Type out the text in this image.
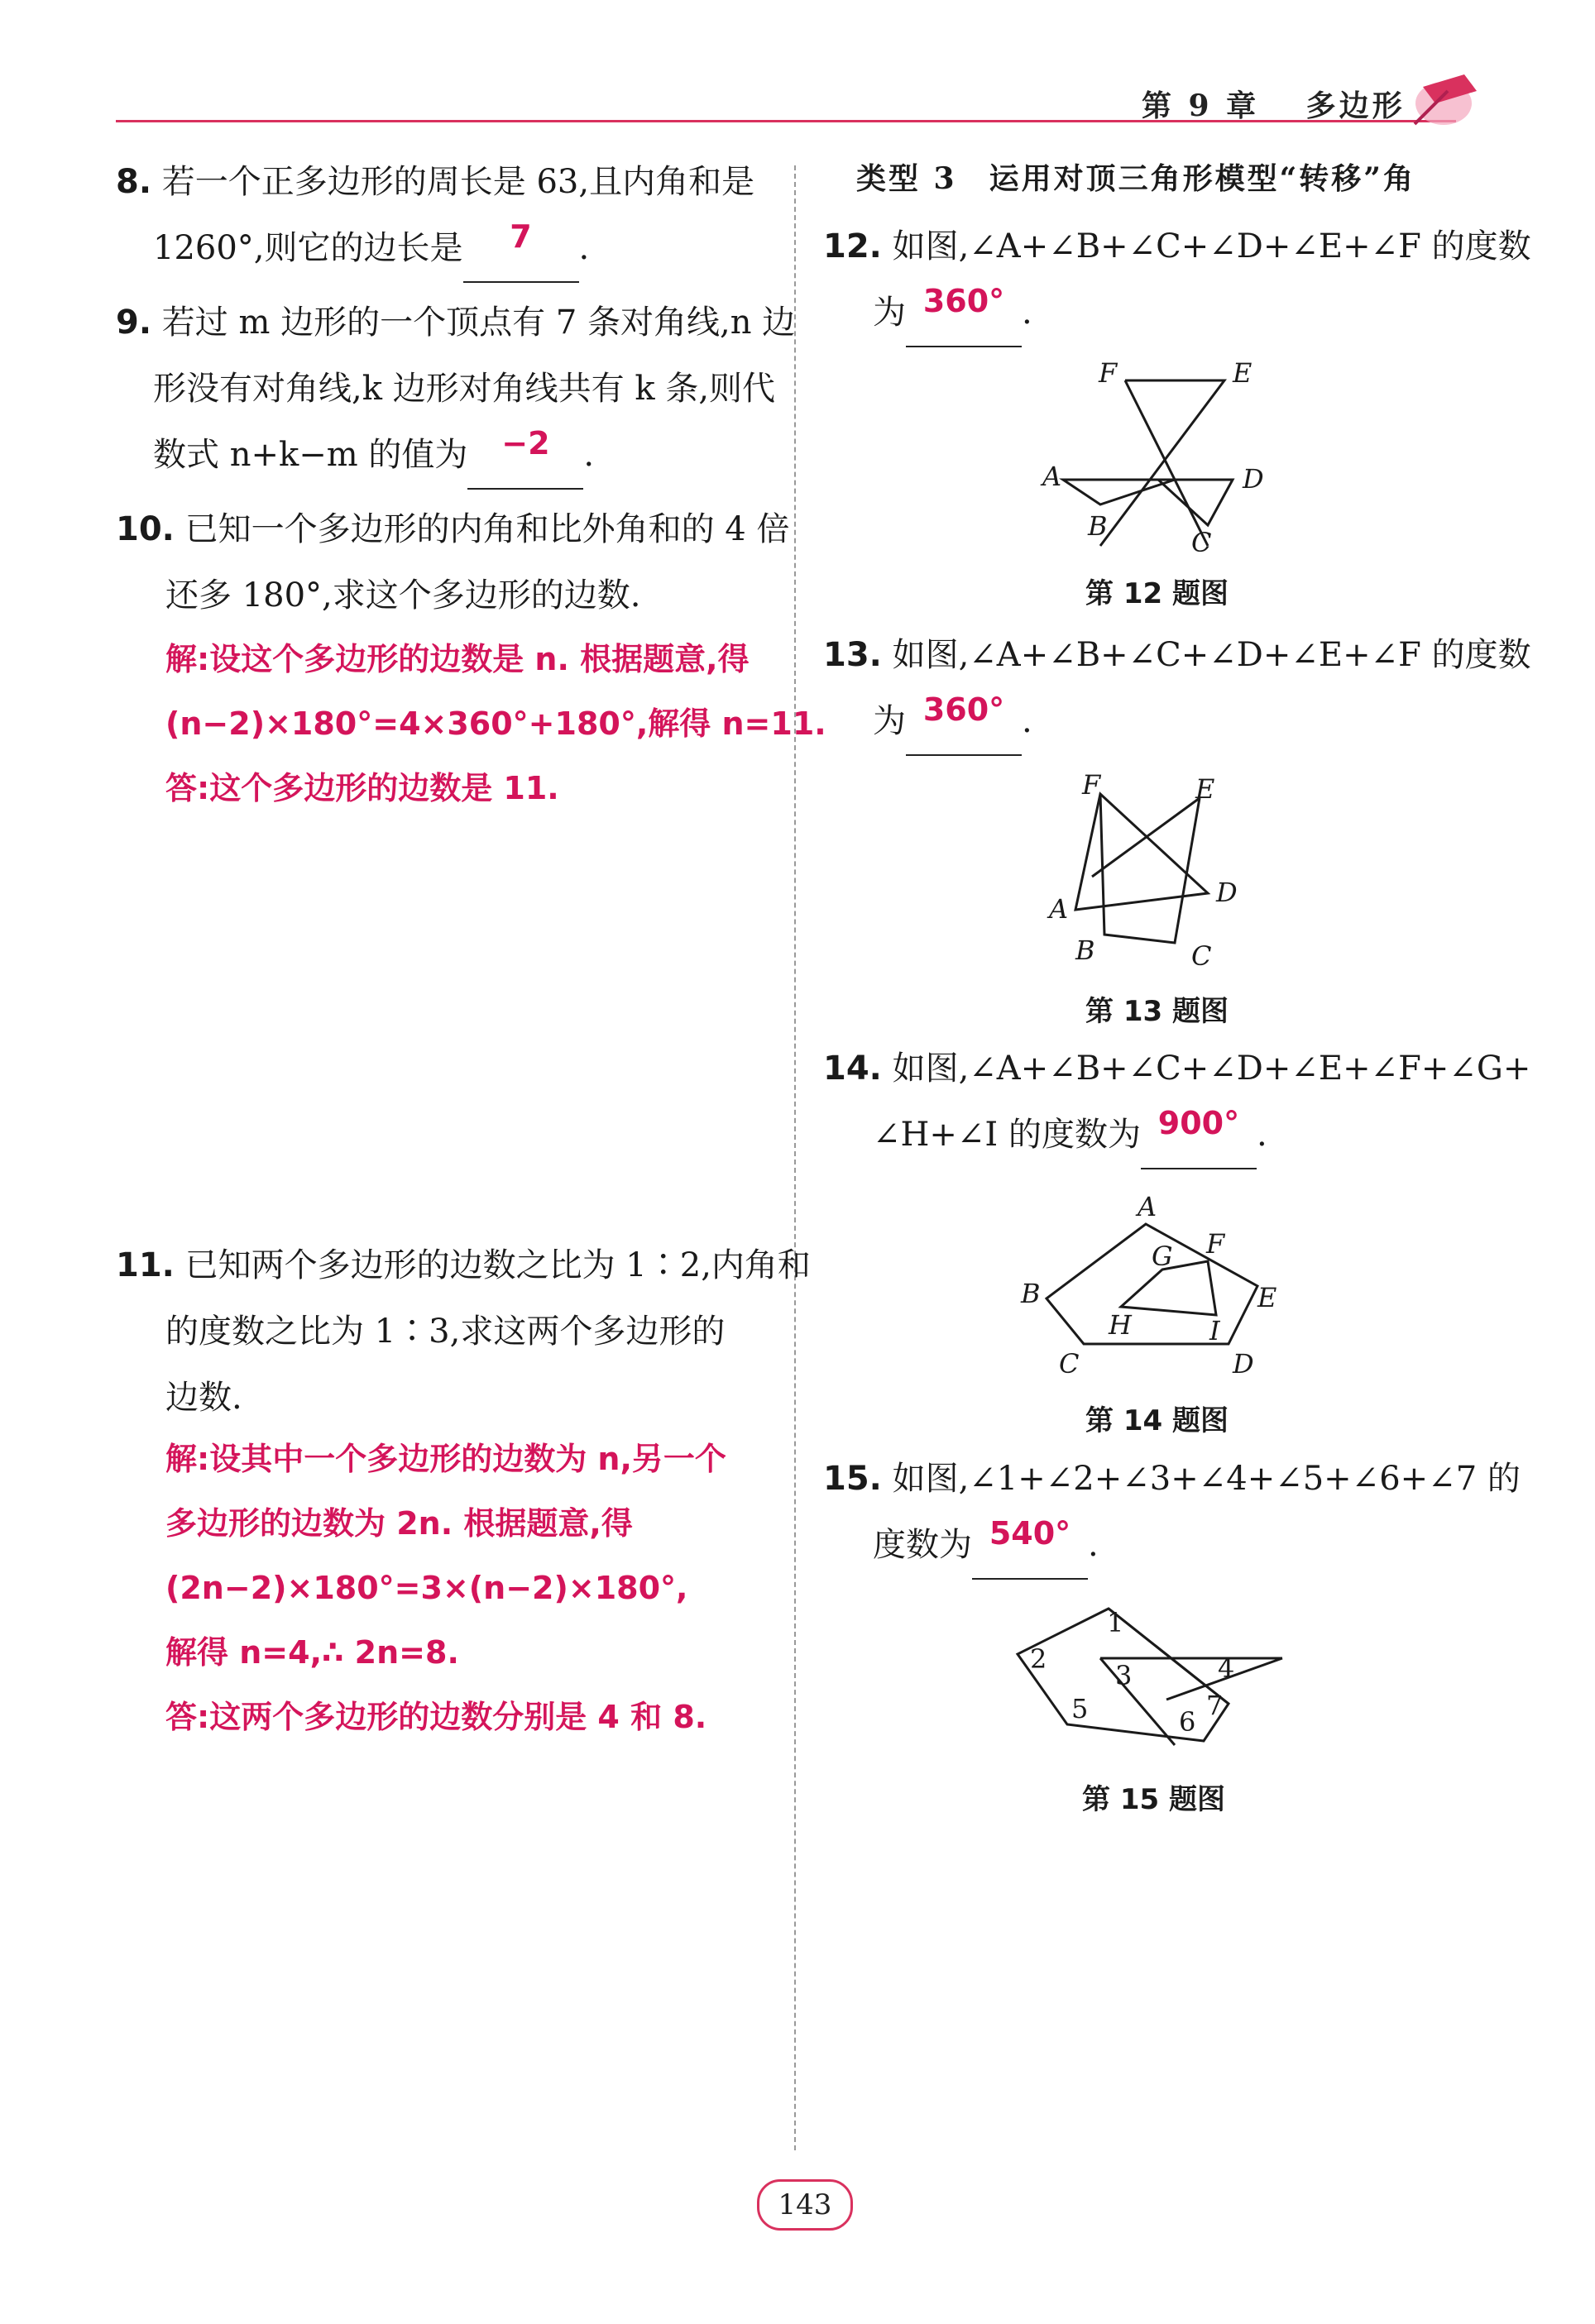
第 9 章 多边形
8. 若一个正多边形的周长是 63,且内角和是
1260°,则它的边长是	7	.
9. 若过 m 边形的一个顶点有 7 条对角线,n 边
形没有对角线,k 边形对角线共有 k 条,则代
数式 n+k−m 的值为	−2	.
10. 已知一个多边形的内角和比外角和的 4 倍
还多 180°,求这个多边形的边数.
解:设这个多边形的边数是 n. 根据题意,得
(n−2)×180°=4×360°+180°,解得 n=11.
答:这个多边形的边数是 11.
11. 已知两个多边形的边数之比为 1∶2,内角和
的度数之比为 1∶3,求这两个多边形的
边数.
解:设其中一个多边形的边数为 n,另一个
多边形的边数为 2n. 根据题意,得
(2n−2)×180°=3×(n−2)×180°,
解得 n=4,∴ 2n=8.
答:这两个多边形的边数分别是 4 和 8.
类型 3　运用对顶三角形模型“转移”角
12. 如图,∠A+∠B+∠C+∠D+∠E+∠F 的度数
为 360° .
F	E
A	D
B
C
第 12 题图
13. 如图,∠A+∠B+∠C+∠D+∠E+∠F 的度数
为 360° .
F	E
A
D
B	C
第 13 题图
14. 如图,∠A+∠B+∠C+∠D+∠E+∠F+∠G+
∠H+∠I 的度数为 900° .
A
B
C	D
E
F
G
H	I
第 14 题图
15. 如图,∠1+∠2+∠3+∠4+∠5+∠6+∠7 的
度数为 540° .
1
2
3	4
5	6
7
第 15 题图
143
